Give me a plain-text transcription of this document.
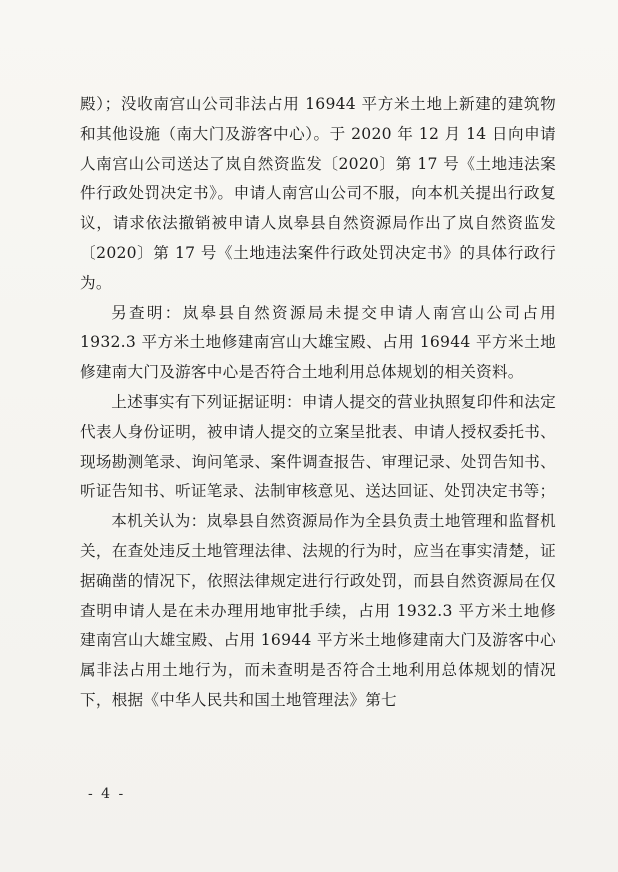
殿）；没收南宫山公司非法占用 16944 平方米土地上新建的建筑物和其他设施（南大门及游客中心）。于 2020 年 12 月 14 日向申请人南宫山公司送达了岚自然资监发〔2020〕第 17 号《土地违法案件行政处罚决定书》。申请人南宫山公司不服，向本机关提出行政复议，请求依法撤销被申请人岚皋县自然资源局作出了岚自然资监发〔2020〕第 17 号《土地违法案件行政处罚决定书》的具体行政行为。

另查明：岚皋县自然资源局未提交申请人南宫山公司占用 1932.3 平方米土地修建南宫山大雄宝殿、占用 16944 平方米土地修建南大门及游客中心是否符合土地利用总体规划的相关资料。

上述事实有下列证据证明：申请人提交的营业执照复印件和法定代表人身份证明，被申请人提交的立案呈批表、申请人授权委托书、现场勘测笔录、询问笔录、案件调查报告、审理记录、处罚告知书、听证告知书、听证笔录、法制审核意见、送达回证、处罚决定书等；

本机关认为：岚皋县自然资源局作为全县负责土地管理和监督机关，在查处违反土地管理法律、法规的行为时，应当在事实清楚，证据确凿的情况下，依照法律规定进行行政处罚，而县自然资源局在仅查明申请人是在未办理用地审批手续，占用 1932.3 平方米土地修建南宫山大雄宝殿、占用 16944 平方米土地修建南大门及游客中心属非法占用土地行为，而未查明是否符合土地利用总体规划的情况下，根据《中华人民共和国土地管理法》第七

- 4 -
